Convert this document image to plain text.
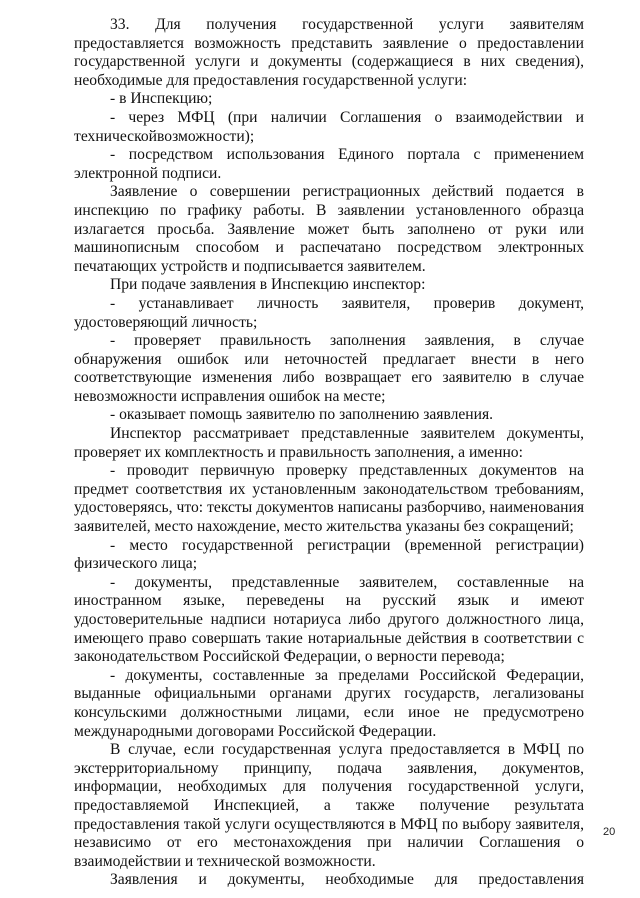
33. Для получения государственной услуги заявителям предоставляется возможность представить заявление о предоставлении государственной услуги и документы (содержащиеся в них сведения), необходимые для предоставления государственной услуги:

- в Инспекцию;

- через МФЦ (при наличии Соглашения о взаимодействии и техническойвозможности);

- посредством использования Единого портала с применением электронной подписи.

Заявление о совершении регистрационных действий подается в инспекцию по графику работы. В заявлении установленного образца излагается просьба. Заявление может быть заполнено от руки или машинописным способом и распечатано посредством электронных печатающих устройств и подписывается заявителем.

При подаче заявления в Инспекцию инспектор:

- устанавливает личность заявителя, проверив документ, удостоверяющий личность;

- проверяет правильность заполнения заявления, в случае обнаружения ошибок или неточностей предлагает внести в него соответствующие изменения либо возвращает его заявителю в случае невозможности исправления ошибок на месте;

- оказывает помощь заявителю по заполнению заявления.

Инспектор рассматривает представленные заявителем документы, проверяет их комплектность и правильность заполнения, а именно:

- проводит первичную проверку представленных документов на предмет соответствия их установленным законодательством требованиям, удостоверяясь, что: тексты документов написаны разборчиво, наименования заявителей, место нахождение, место жительства указаны без сокращений;

- место государственной регистрации (временной регистрации) физического лица;

- документы, представленные заявителем, составленные на иностранном языке, переведены на русский язык и имеют удостоверительные надписи нотариуса либо другого должностного лица, имеющего право совершать такие нотариальные действия в соответствии с законодательством Российской Федерации, о верности перевода;

- документы, составленные за пределами Российской Федерации, выданные официальными органами других государств, легализованы консульскими должностными лицами, если иное не предусмотрено международными договорами Российской Федерации.

В случае, если государственная услуга предоставляется в МФЦ по экстерриториальному принципу, подача заявления, документов, информации, необходимых для получения государственной услуги, предоставляемой Инспекцией, а также получение результата предоставления такой услуги осуществляются в МФЦ по выбору заявителя, независимо от его местонахождения при наличии Соглашения о взаимодействии и технической возможности.

Заявления и документы, необходимые для предоставления

20
